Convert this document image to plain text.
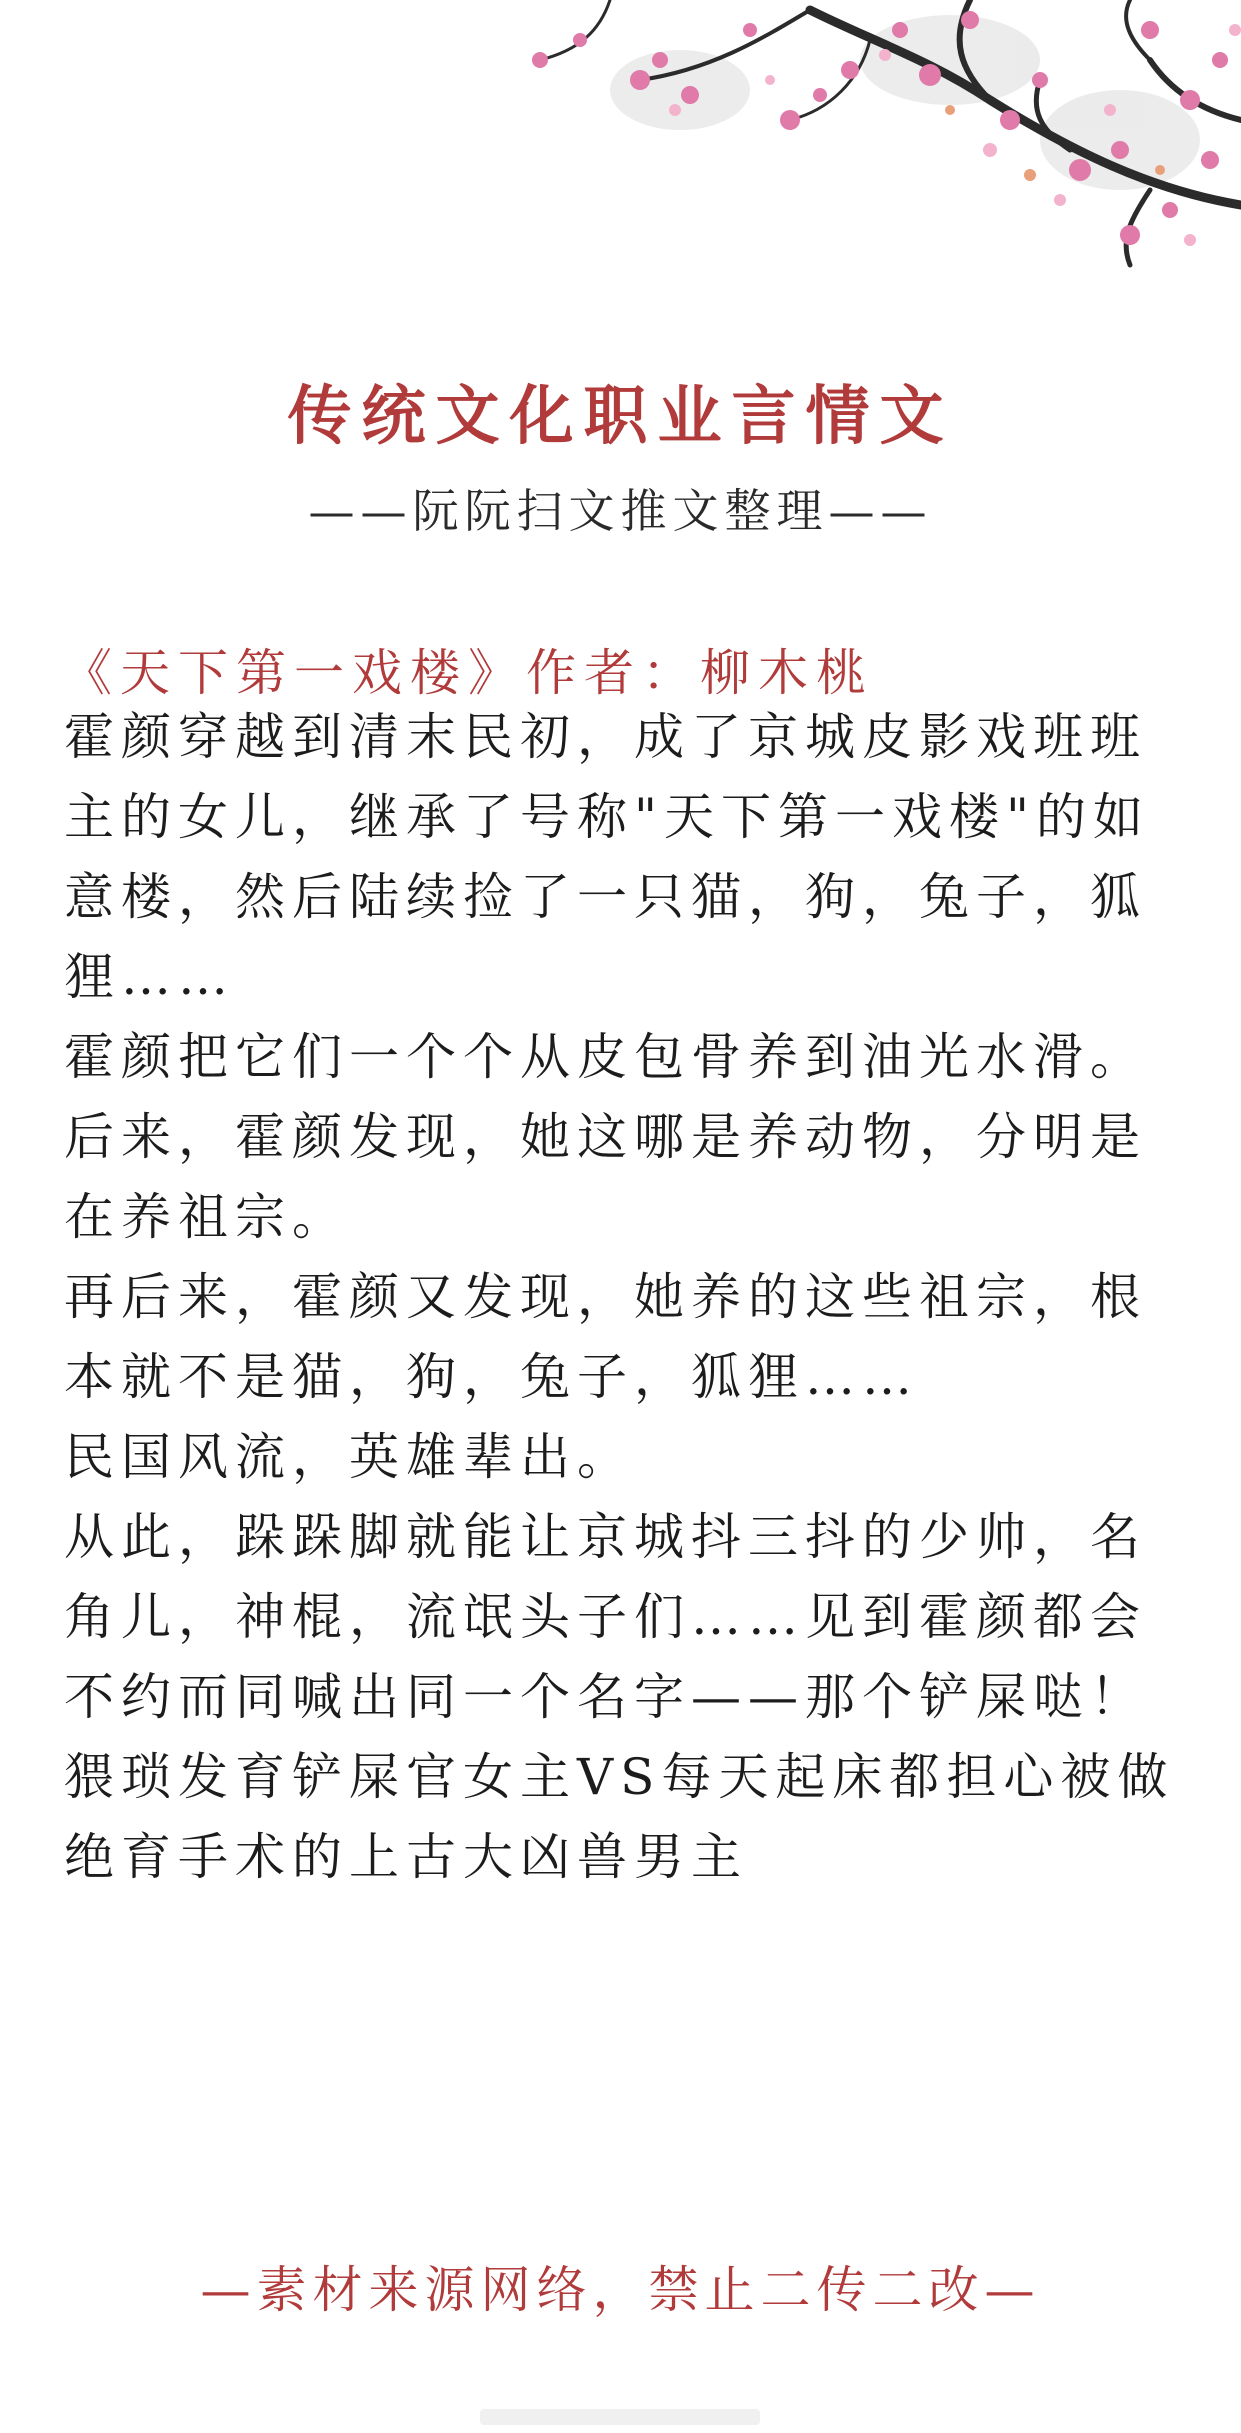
传统文化职业言情文

——阮阮扫文推文整理——

《天下第一戏楼》作者：柳木桃

霍颜穿越到清末民初，成了京城皮影戏班班主的女儿，继承了号称"天下第一戏楼"的如意楼，然后陆续捡了一只猫，狗，兔子，狐狸……

霍颜把它们一个个从皮包骨养到油光水滑。

后来，霍颜发现，她这哪是养动物，分明是在养祖宗。

再后来，霍颜又发现，她养的这些祖宗，根本就不是猫，狗，兔子，狐狸……

民国风流，英雄辈出。

从此，跺跺脚就能让京城抖三抖的少帅，名角儿，神棍，流氓头子们……见到霍颜都会不约而同喊出同一个名字——那个铲屎哒！

猥琐发育铲屎官女主VS每天起床都担心被做绝育手术的上古大凶兽男主

—素材来源网络，禁止二传二改—
